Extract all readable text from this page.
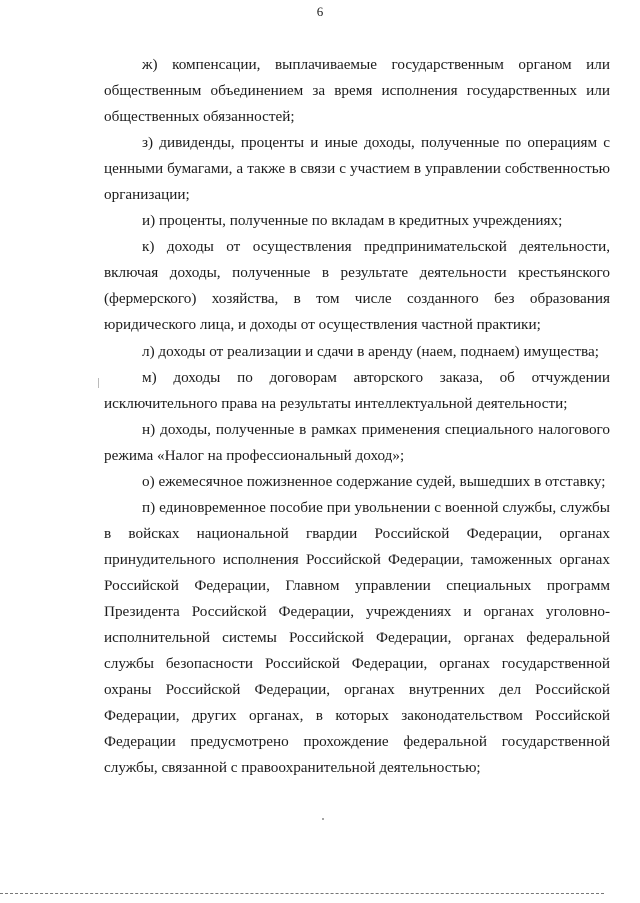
6

ж) компенсации, выплачиваемые государственным органом или общественным объединением за время исполнения государственных или общественных обязанностей;

з) дивиденды, проценты и иные доходы, полученные по операциям с ценными бумагами, а также в связи с участием в управлении собственностью организации;

и) проценты, полученные по вкладам в кредитных учреждениях;

к) доходы от осуществления предпринимательской деятельности, включая доходы, полученные в результате деятельности крестьянского (фермерского) хозяйства, в том числе созданного без образования юридического лица, и доходы от осуществления частной практики;

л) доходы от реализации и сдачи в аренду (наем, поднаем) имущества;

м) доходы по договорам авторского заказа, об отчуждении исключительного права на результаты интеллектуальной деятельности;

н) доходы, полученные в рамках применения специального налогового режима «Налог на профессиональный доход»;

о) ежемесячное пожизненное содержание судей, вышедших в отставку;

п) единовременное пособие при увольнении с военной службы, службы в войсках национальной гвардии Российской Федерации, органах принудительного исполнения Российской Федерации, таможенных органах Российской Федерации, Главном управлении специальных программ Президента Российской Федерации, учреждениях и органах уголовно-исполнительной системы Российской Федерации, органах федеральной службы безопасности Российской Федерации, органах государственной охраны Российской Федерации, органах внутренних дел Российской Федерации, других органах, в которых законодательством Российской Федерации предусмотрено прохождение федеральной государственной службы, связанной с правоохранительной деятельностью;
